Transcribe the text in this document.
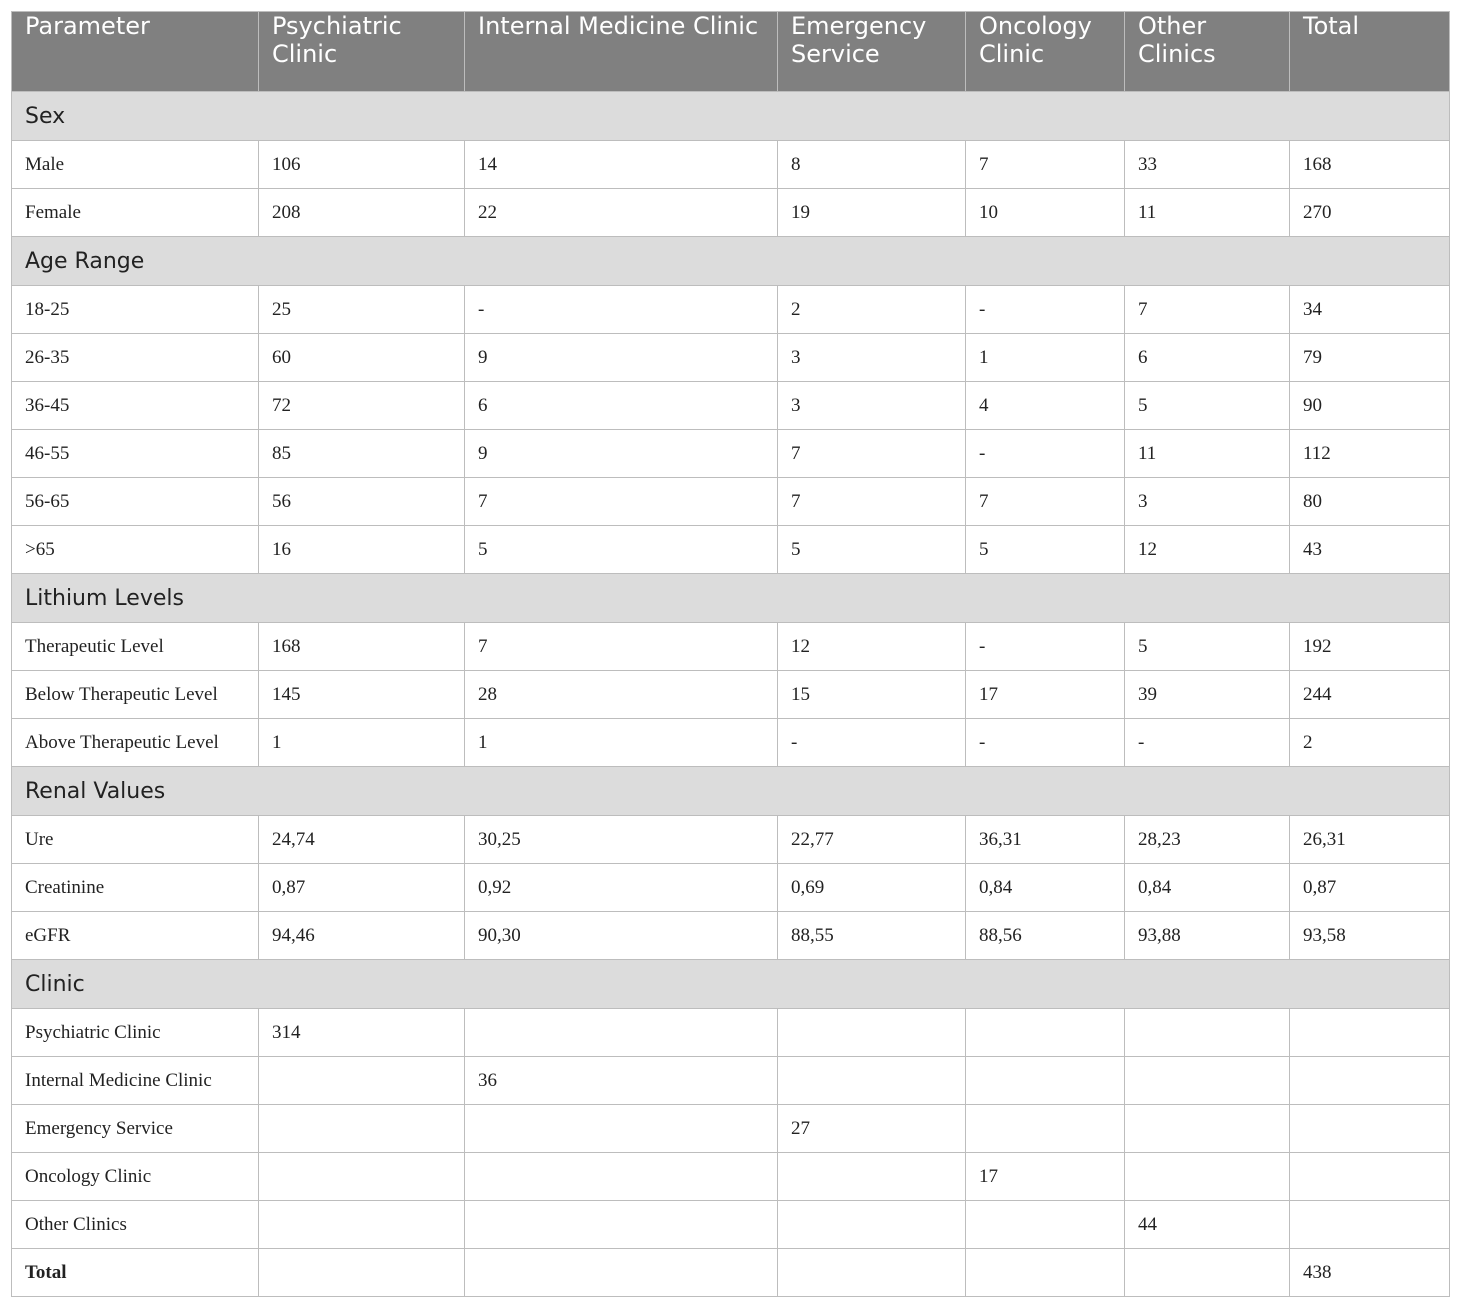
Parameter	Psychiatric Clinic	Internal Medicine Clinic	Emergency Service	Oncology Clinic	Other Clinics	Total
Sex						
Male	106	14	8	7	33	168
Female	208	22	19	10	11	270
Age Range						
18-25	25	-	2	-	7	34
26-35	60	9	3	1	6	79
36-45	72	6	3	4	5	90
46-55	85	9	7	-	11	112
56-65	56	7	7	7	3	80
>65	16	5	5	5	12	43
Lithium Levels						
Therapeutic Level	168	7	12	-	5	192
Below Therapeutic Level	145	28	15	17	39	244
Above Therapeutic Level	1	1	-	-	-	2
Renal Values						
Ure	24,74	30,25	22,77	36,31	28,23	26,31
Creatinine	0,87	0,92	0,69	0,84	0,84	0,87
eGFR	94,46	90,30	88,55	88,56	93,88	93,58
Clinic						
Psychiatric Clinic	314					
Internal Medicine Clinic		36				
Emergency Service			27			
Oncology Clinic				17		
Other Clinics					44	
Total						438
